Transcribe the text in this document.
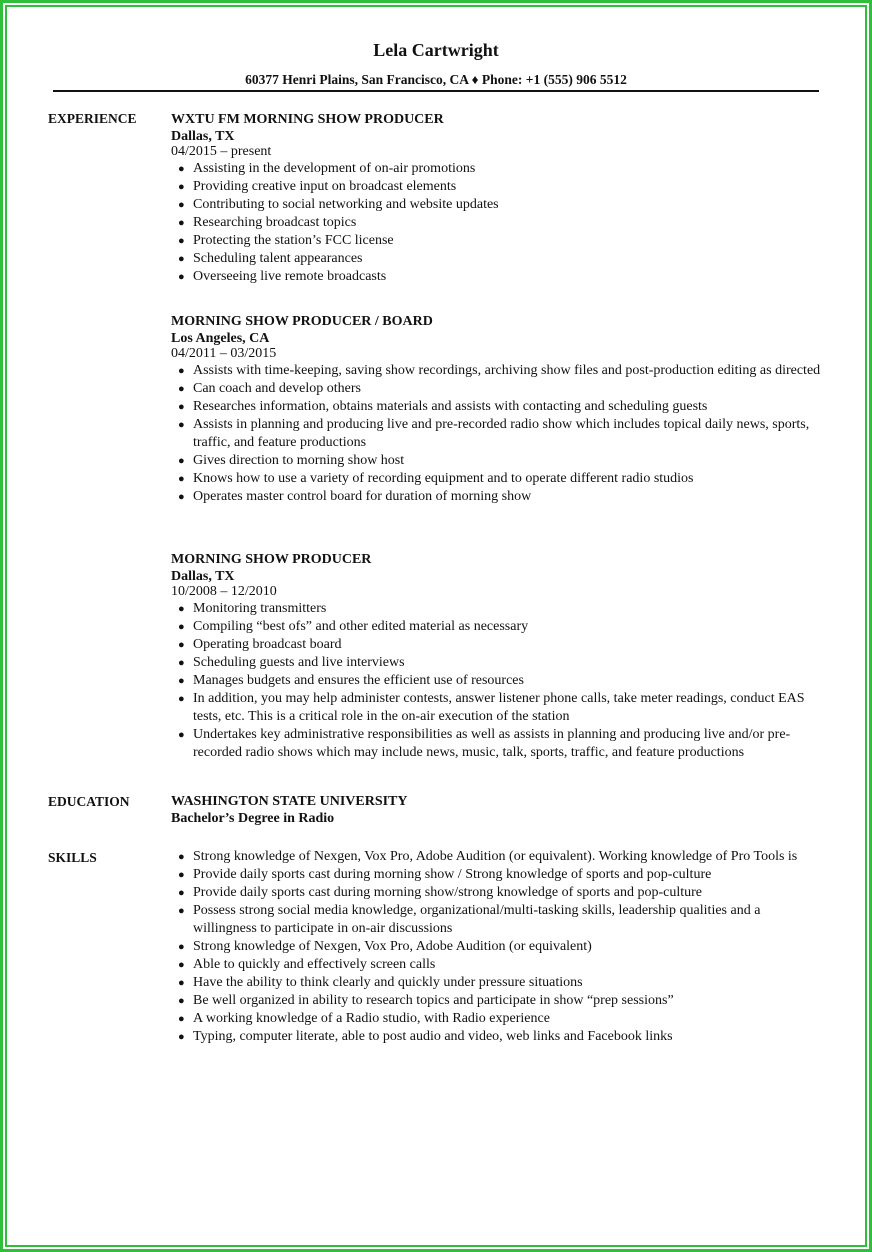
Lela Cartwright
60377 Henri Plains, San Francisco, CA ♦ Phone: +1 (555) 906 5512
EXPERIENCE WXTU FM MORNING SHOW PRODUCER
Dallas, TX
04/2015 – present
● Assisting in the development of on-air promotions
● Providing creative input on broadcast elements
● Contributing to social networking and website updates
● Researching broadcast topics
● Protecting the station’s FCC license
● Scheduling talent appearances
● Overseeing live remote broadcasts
MORNING SHOW PRODUCER / BOARD
Los Angeles, CA
04/2011 – 03/2015
● Assists with time-keeping, saving show recordings, archiving show files and post-production editing as directed
● Can coach and develop others
● Researches information, obtains materials and assists with contacting and scheduling guests
● Assists in planning and producing live and pre-recorded radio show which includes topical daily news, sports, traffic, and feature productions
● Gives direction to morning show host
● Knows how to use a variety of recording equipment and to operate different radio studios
● Operates master control board for duration of morning show
MORNING SHOW PRODUCER
Dallas, TX
10/2008 – 12/2010
● Monitoring transmitters
● Compiling “best ofs” and other edited material as necessary
● Operating broadcast board
● Scheduling guests and live interviews
● Manages budgets and ensures the efficient use of resources
● In addition, you may help administer contests, answer listener phone calls, take meter readings, conduct EAS tests, etc. This is a critical role in the on-air execution of the station
● Undertakes key administrative responsibilities as well as assists in planning and producing live and/or pre-recorded radio shows which may include news, music, talk, sports, traffic, and feature productions
EDUCATION	WASHINGTON STATE UNIVERSITY
Bachelor’s Degree in Radio
SKILLS	● Strong knowledge of Nexgen, Vox Pro, Adobe Audition (or equivalent). Working knowledge of Pro Tools is
● Provide daily sports cast during morning show / Strong knowledge of sports and pop-culture
● Provide daily sports cast during morning show/strong knowledge of sports and pop-culture
● Possess strong social media knowledge, organizational/multi-tasking skills, leadership qualities and a willingness to participate in on-air discussions
● Strong knowledge of Nexgen, Vox Pro, Adobe Audition (or equivalent)
● Able to quickly and effectively screen calls
● Have the ability to think clearly and quickly under pressure situations
● Be well organized in ability to research topics and participate in show “prep sessions”
● A working knowledge of a Radio studio, with Radio experience
● Typing, computer literate, able to post audio and video, web links and Facebook links
